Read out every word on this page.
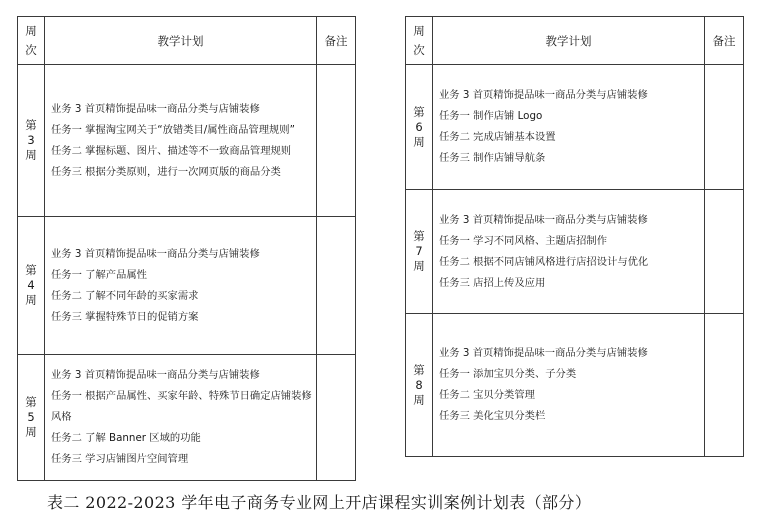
周次	教学计划	备注
第 3 周	业务 3 首页精饰提品味一商品分类与店铺装修
任务一 掌握淘宝网关于“放错类目/属性商品管理规则”
任务二 掌握标题、图片、描述等不一致商品管理规则
任务三 根据分类原则，进行一次网页版的商品分类	

第 4 周	业务 3 首页精饰提品味一商品分类与店铺装修
任务一 了解产品属性
任务二 了解不同年龄的买家需求
任务三 掌握特殊节日的促销方案	

第 5 周	业务 3 首页精饰提品味一商品分类与店铺装修
任务一 根据产品属性、买家年龄、特殊节日确定店铺装修风格
任务二 了解 Banner 区域的功能
任务三 学习店铺图片空间管理	

周次	教学计划	备注
第 6 周	业务 3 首页精饰提品味一商品分类与店铺装修
任务一 制作店铺 Logo
任务二 完成店铺基本设置
任务三 制作店铺导航条	

第 7 周	业务 3 首页精饰提品味一商品分类与店铺装修
任务一 学习不同风格、主题店招制作
任务二 根据不同店铺风格进行店招设计与优化
任务三 店招上传及应用	

第 8 周	业务 3 首页精饰提品味一商品分类与店铺装修
任务一 添加宝贝分类、子分类
任务二 宝贝分类管理
任务三 美化宝贝分类栏	

表二 2022-2023 学年电子商务专业网上开店课程实训案例计划表（部分）
